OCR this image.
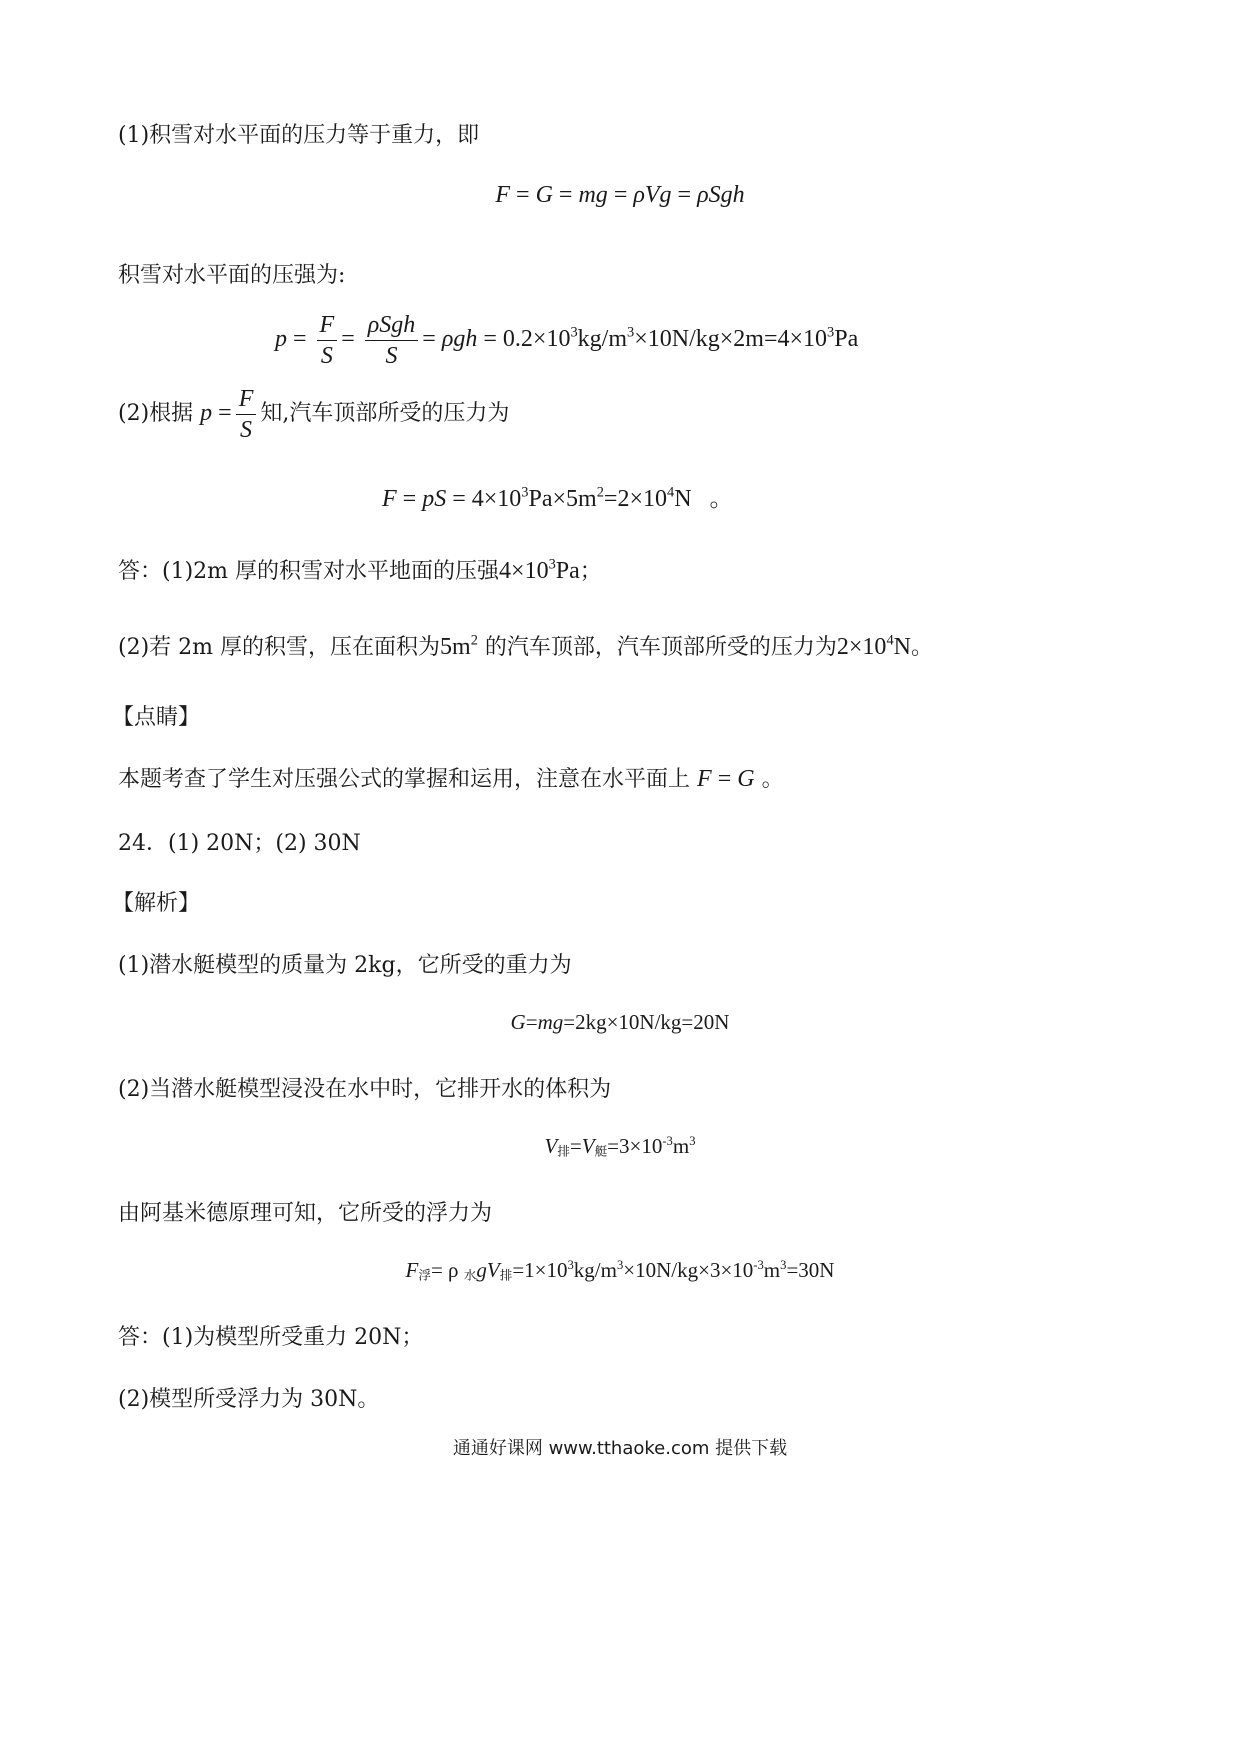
(1)积雪对水平面的压力等于重力，即
F = G = mg = ρVg = ρSgh
积雪对水平面的压强为:
$p = \frac{F}{S} = \frac{\text{ρSgh}}{S} = \rho gh = 0.2\times 10^3kg/m^3\times 10N/kg\times 2m=4\times 10^3Pa$
(2)根据 $p = \frac{F}{S}$ 知,汽车顶部所受的压力为
F = pS = $4\times 10^3Pa\times 5m^2=2\times 10^4N$   。
答：(1)2m 厚的积雪对水平地面的压强$4\times 10^3Pa$；
(2)若 2m 厚的积雪，压在面积为$5m^2$ 的汽车顶部，汽车顶部所受的压力为$2\times 10^4N$。
【点睛】
本题考查了学生对压强公式的掌握和运用，注意在水平面上 F = G 。
24．(1) 20N；(2) 30N
【解析】
(1)潜水艇模型的质量为 2kg，它所受的重力为
G=mg=2kg×10N/kg=20N
(2)当潜水艇模型浸没在水中时，它排开水的体积为
$V_排=V_艇=3\times 10^{-3}m^3$
由阿基米德原理可知，它所受的浮力为
$F_浮= \rho$ $_水gV_排=1\times 10^3kg/m^3\times 10N/kg\times 3\times 10^{-3}m^3=30N$
答：(1)为模型所受重力 20N；
(2)模型所受浮力为 30N。
通通好课网 www.tthaoke.com 提供下载
